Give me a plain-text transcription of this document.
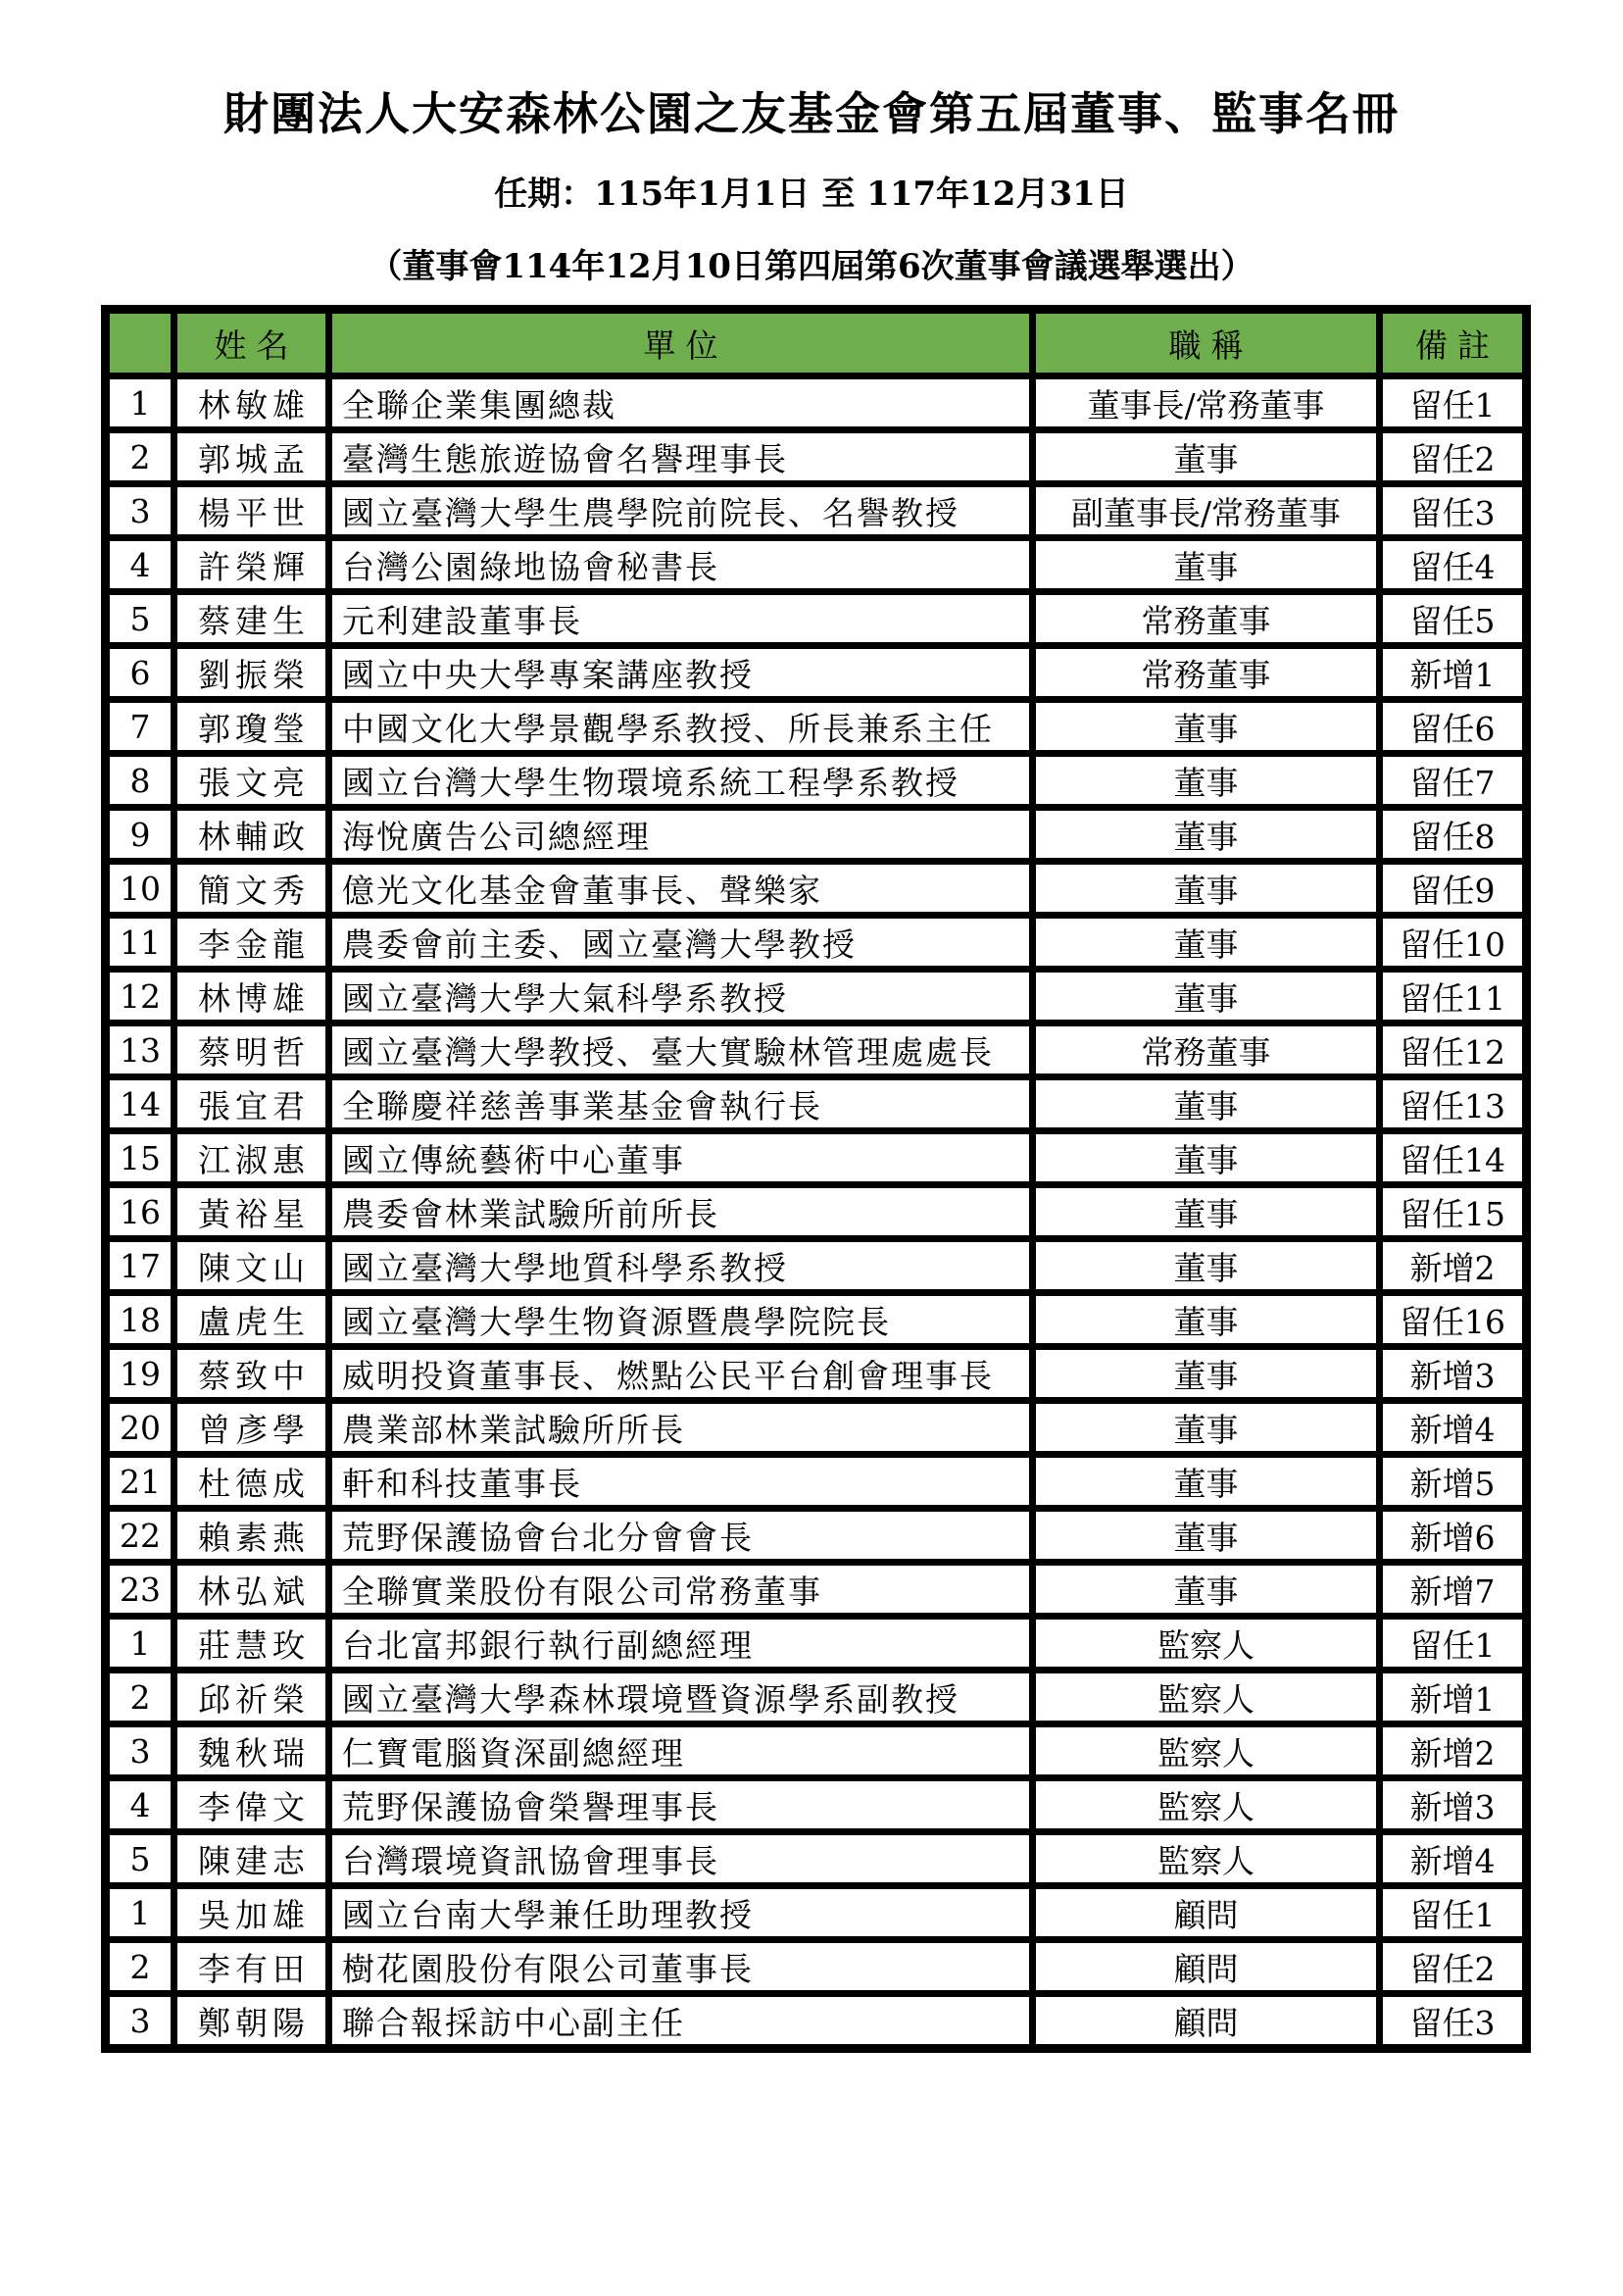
財團法人大安森林公園之友基金會第五屆董事、監事名冊
任期：115年1月1日 至 117年12月31日
（董事會114年12月10日第四屆第6次董事會議選舉選出）
	姓名	單位	職稱	備註
1	林敏雄	全聯企業集團總裁	董事長/常務董事	留任1
2	郭城孟	臺灣生態旅遊協會名譽理事長	董事	留任2
3	楊平世	國立臺灣大學生農學院前院長、名譽教授	副董事長/常務董事	留任3
4	許榮輝	台灣公園綠地協會秘書長	董事	留任4
5	蔡建生	元利建設董事長	常務董事	留任5
6	劉振榮	國立中央大學專案講座教授	常務董事	新增1
7	郭瓊瑩	中國文化大學景觀學系教授、所長兼系主任	董事	留任6
8	張文亮	國立台灣大學生物環境系統工程學系教授	董事	留任7
9	林輔政	海悅廣告公司總經理	董事	留任8
10	簡文秀	億光文化基金會董事長、聲樂家	董事	留任9
11	李金龍	農委會前主委、國立臺灣大學教授	董事	留任10
12	林博雄	國立臺灣大學大氣科學系教授	董事	留任11
13	蔡明哲	國立臺灣大學教授、臺大實驗林管理處處長	常務董事	留任12
14	張宜君	全聯慶祥慈善事業基金會執行長	董事	留任13
15	江淑惠	國立傳統藝術中心董事	董事	留任14
16	黃裕星	農委會林業試驗所前所長	董事	留任15
17	陳文山	國立臺灣大學地質科學系教授	董事	新增2
18	盧虎生	國立臺灣大學生物資源暨農學院院長	董事	留任16
19	蔡致中	威明投資董事長、燃點公民平台創會理事長	董事	新增3
20	曾彥學	農業部林業試驗所所長	董事	新增4
21	杜德成	軒和科技董事長	董事	新增5
22	賴素燕	荒野保護協會台北分會會長	董事	新增6
23	林弘斌	全聯實業股份有限公司常務董事	董事	新增7
1	莊慧玫	台北富邦銀行執行副總經理	監察人	留任1
2	邱祈榮	國立臺灣大學森林環境暨資源學系副教授	監察人	新增1
3	魏秋瑞	仁寶電腦資深副總經理	監察人	新增2
4	李偉文	荒野保護協會榮譽理事長	監察人	新增3
5	陳建志	台灣環境資訊協會理事長	監察人	新增4
1	吳加雄	國立台南大學兼任助理教授	顧問	留任1
2	李有田	樹花園股份有限公司董事長	顧問	留任2
3	鄭朝陽	聯合報採訪中心副主任	顧問	留任3
